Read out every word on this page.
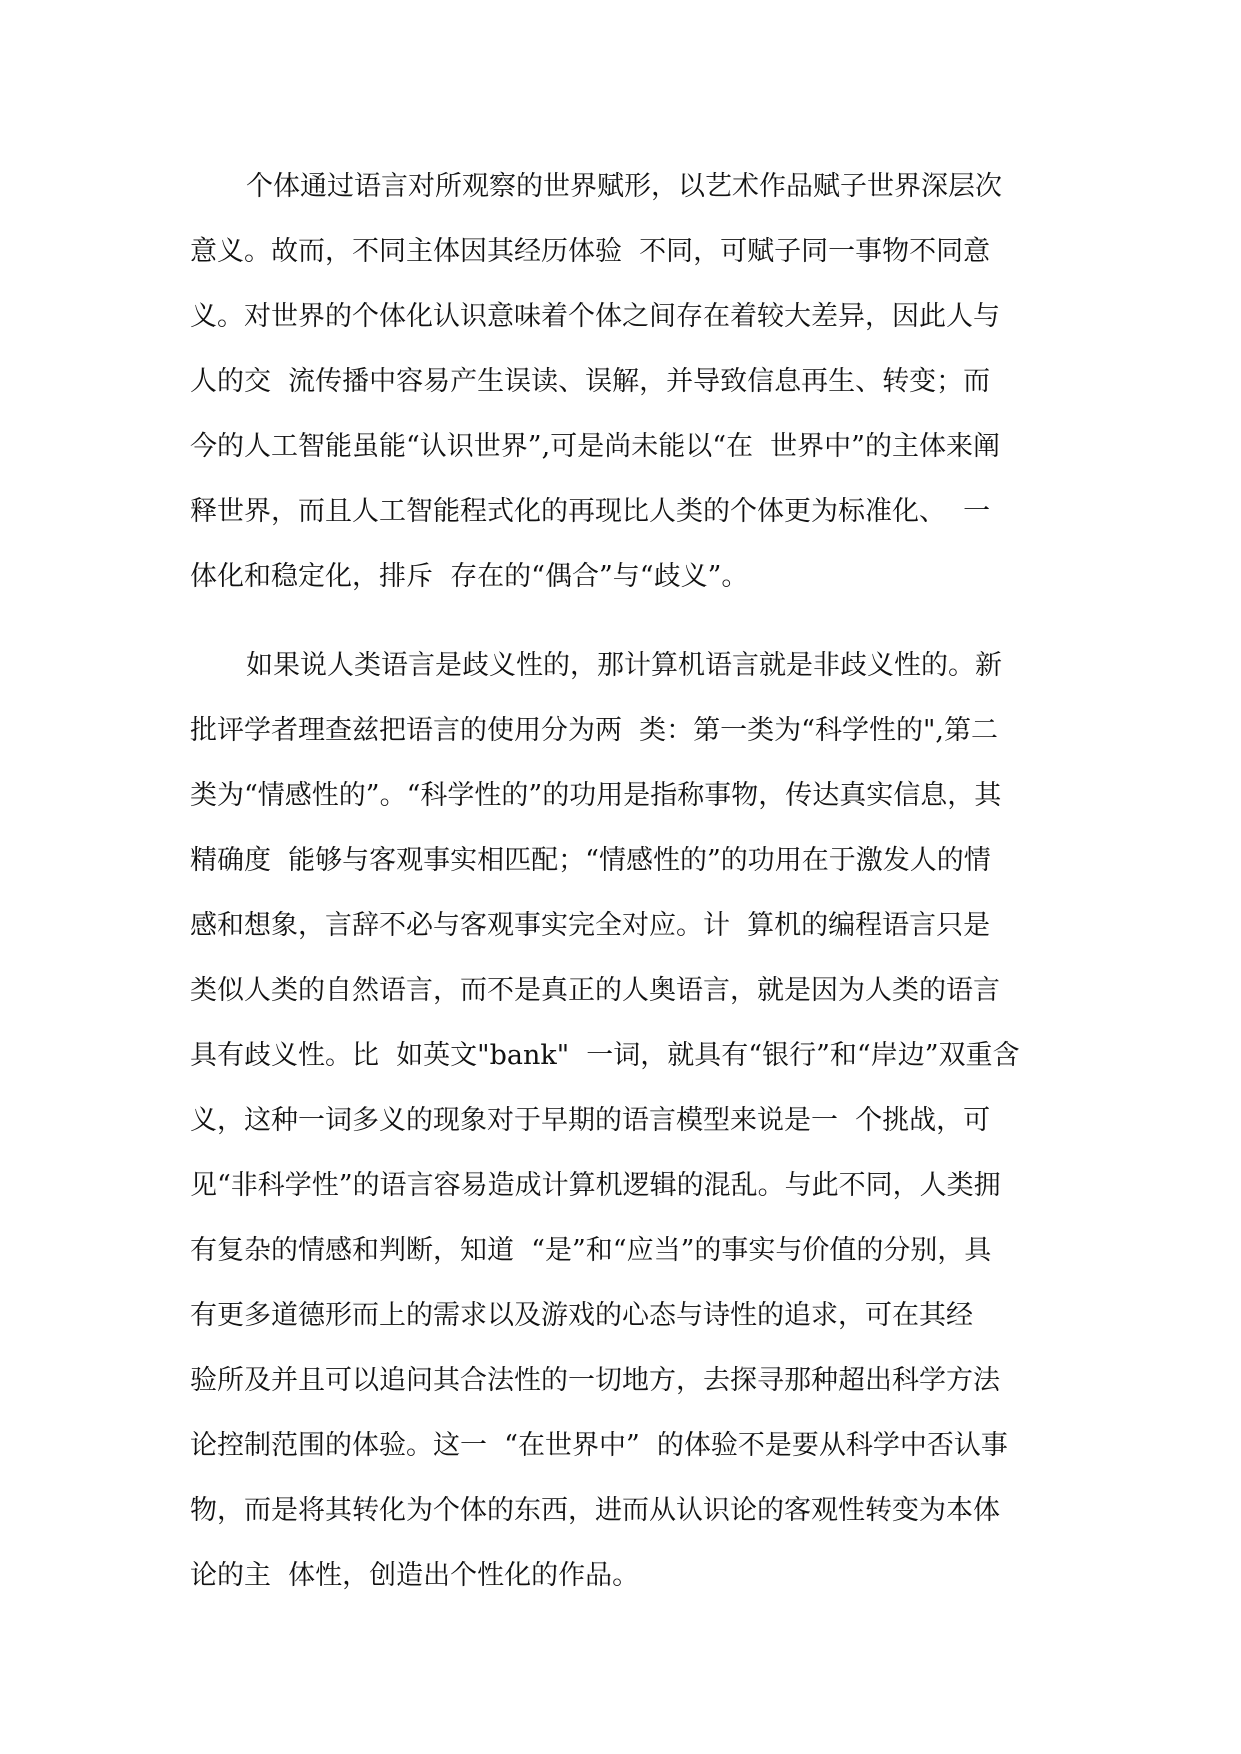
个体通过语言对所观察的世界赋形，以艺术作品赋子世界深层次
意义。故而，不同主体因其经历体验  不同，可赋子同一事物不同意
义。对世界的个体化认识意味着个体之间存在着较大差异，因此人与
人的交  流传播中容易产生误读、误解，并导致信息再生、转变；而
今的人工智能虽能“认识世界”,可是尚未能以“在  世界中”的主体来阐
释世界，而且人工智能程式化的再现比人类的个体更为标准化、  一
体化和稳定化，排斥  存在的“偶合”与“歧义”。
如果说人类语言是歧义性的，那计算机语言就是非歧义性的。新
批评学者理查兹把语言的使用分为两  类：第一类为“科学性的",第二
类为“情感性的”。“科学性的”的功用是指称事物，传达真实信息，其
精确度  能够与客观事实相匹配；“情感性的”的功用在于激发人的情
感和想象，言辞不必与客观事实完全对应。计  算机的编程语言只是
类似人类的自然语言，而不是真正的人奥语言，就是因为人类的语言
具有歧义性。比  如英文"bank"  一词，就具有“银行”和“岸边”双重含
义，这种一词多义的现象对于早期的语言模型来说是一  个挑战，可
见“非科学性”的语言容易造成计算机逻辑的混乱。与此不同，人类拥
有复杂的情感和判断，知道  “是”和“应当”的事实与价值的分别，具
有更多道德形而上的需求以及游戏的心态与诗性的追求，可在其经
验所及并且可以追问其合法性的一切地方，去探寻那种超出科学方法
论控制范围的体验。这一  “在世界中”  的体验不是要从科学中否认事
物，而是将其转化为个体的东西，进而从认识论的客观性转变为本体
论的主  体性，创造出个性化的作品。
